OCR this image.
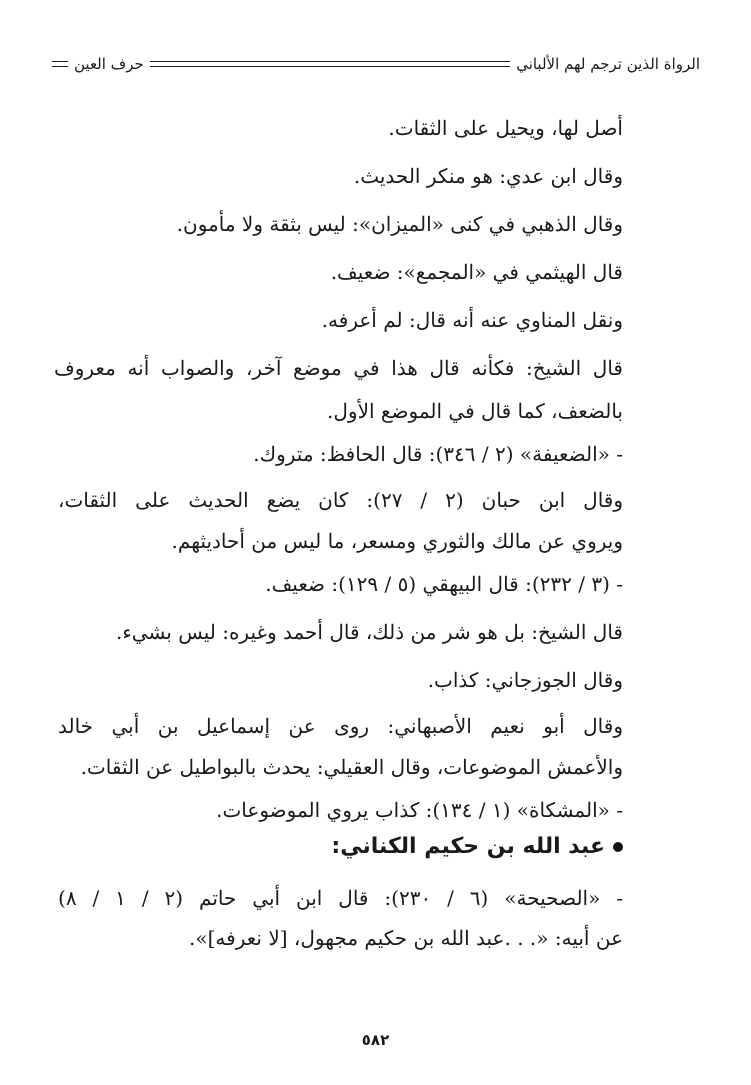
الرواة الذين ترجم لهم الألباني
حرف العين
أصل لها، ويحيل على الثقات.
وقال ابن عدي: هو منكر الحديث.
وقال الذهبي في كنى «الميزان»: ليس بثقة ولا مأمون.
قال الهيثمي في «المجمع»: ضعيف.
ونقل المناوي عنه أنه قال: لم أعرفه.
قال الشيخ: فكأنه قال هذا في موضع آخر، والصواب أنه معروف
بالضعف، كما قال في الموضع الأول.
- «الضعيفة» (٢ / ٣٤٦): قال الحافظ: متروك.
وقال ابن حبان (٢ / ٢٧): كان يضع الحديث على الثقات،
ويروي عن مالك والثوري ومسعر، ما ليس من أحاديثهم.
- (٣ / ٢٣٢): قال البيهقي (٥ / ١٢٩): ضعيف.
قال الشيخ: بل هو شر من ذلك، قال أحمد وغيره: ليس بشيء.
وقال الجوزجاني: كذاب.
وقال أبو نعيم الأصبهاني: روى عن إسماعيل بن أبي خالد
والأعمش الموضوعات، وقال العقيلي: يحدث بالبواطيل عن الثقات.
- «المشكاة» (١ / ١٣٤): كذاب يروي الموضوعات.
عبد الله بن حكيم الكناني:
- «الصحيحة» (٦ / ٢٣٠): قال ابن أبي حاتم (٢ / ١ / ٨)
عن أبيه: «. . .عبد الله بن حكيم مجهول، [لا نعرفه]».
٥٨٢
